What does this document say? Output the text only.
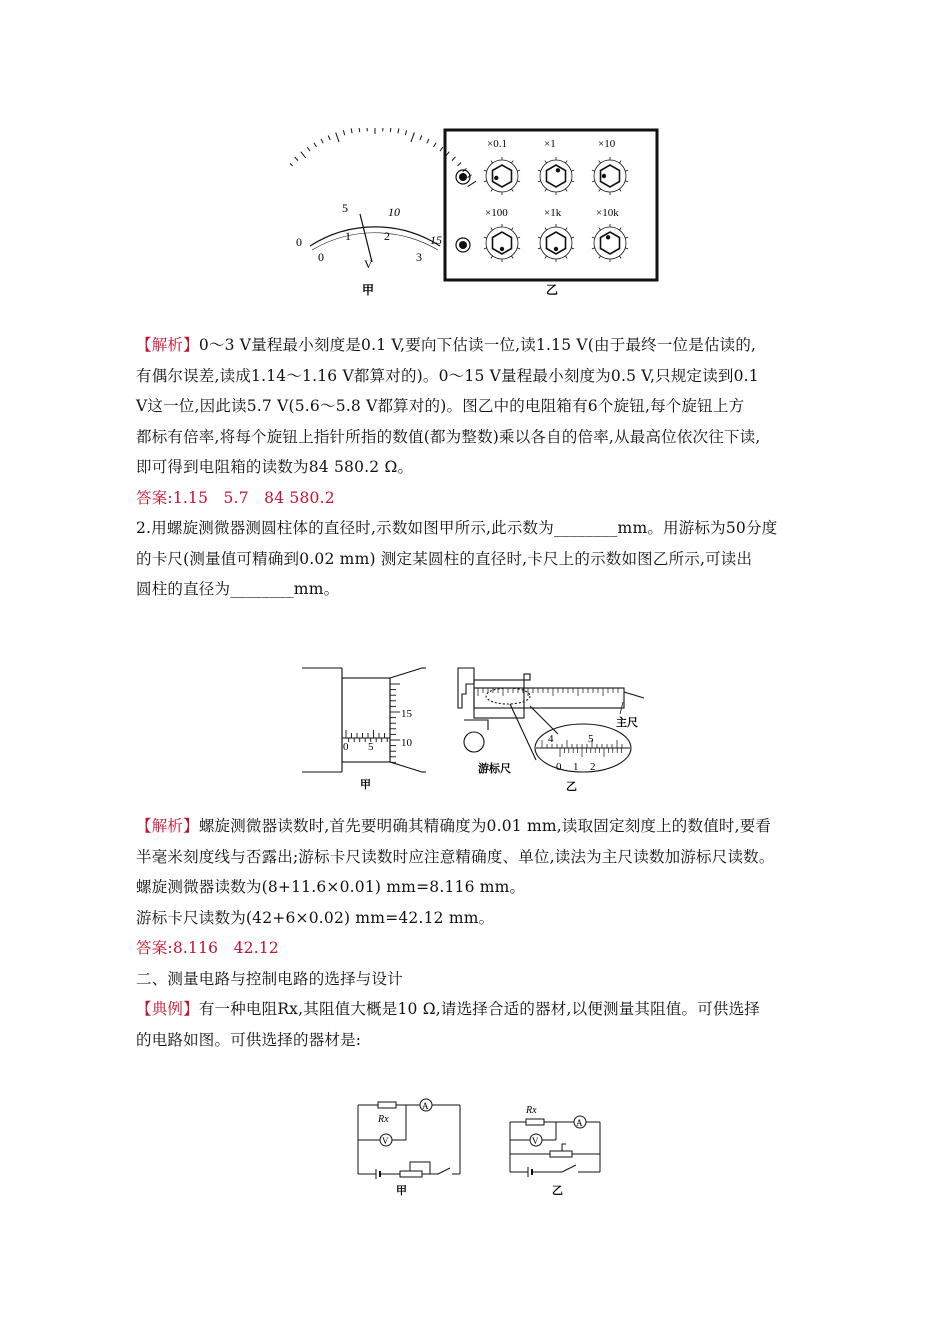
0
5	10
15
0
1	2
3
V
甲
×0.1	×1	×10
×100	×1k	×10k
乙
【解析】0～3 V量程最小刻度是0.1 V,要向下估读一位,读1.15 V(由于最终一位是估读的,
有偶尔误差,读成1.14～1.16 V都算对的)。0～15 V量程最小刻度为0.5 V,只规定读到0.1
V这一位,因此读5.7 V(5.6～5.8 V都算对的)。图乙中的电阻箱有6个旋钮,每个旋钮上方
都标有倍率,将每个旋钮上指针所指的数值(都为整数)乘以各自的倍率,从最高位依次往下读,
即可得到电阻箱的读数为84 580.2 Ω。
答案:1.15   5.7   84 580.2
2.用螺旋测微器测圆柱体的直径时,示数如图甲所示,此示数为________mm。用游标为50分度
的卡尺(测量值可精确到0.02 mm) 测定某圆柱的直径时,卡尺上的示数如图乙所示,可读出
圆柱的直径为________mm。
0 5
15
10
甲
主尺
游标尺
4	5
0 1 2
乙
【解析】螺旋测微器读数时,首先要明确其精确度为0.01 mm,读取固定刻度上的数值时,要看
半毫米刻度线与否露出;游标卡尺读数时应注意精确度、单位,读法为主尺读数加游标尺读数。
螺旋测微器读数为(8+11.6×0.01) mm=8.116 mm。
游标卡尺读数为(42+6×0.02) mm=42.12 mm。
答案:8.116   42.12
二、测量电路与控制电路的选择与设计
【典例】有一种电阻Rx,其阻值大概是10 Ω,请选择合适的器材,以便测量其阻值。可供选择
的电路如图。可供选择的器材是:
A
V
Rx
甲
A
V
Rx
乙
